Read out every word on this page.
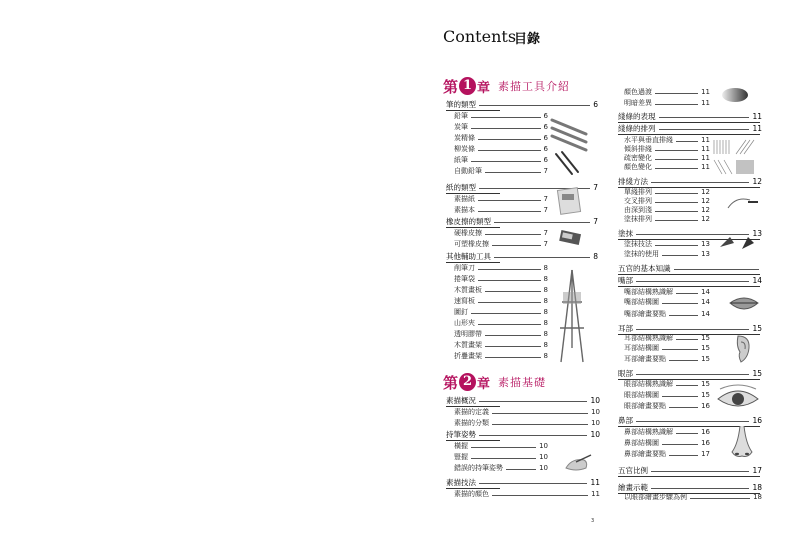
Contents
目錄
第 1 章 素描工具介紹
第 2 章 素描基礎
筆的類型	6
鉛筆	6
炭筆	6
炭精條	6
柳炭條	6
紙筆	6
自動鉛筆	7
紙的類型	7
素描紙	7
素描本	7
橡皮擦的類型	7
硬橡皮擦	7
可塑橡皮擦	7
其他輔助工具	8
削筆刀	8
捲筆袋	8
木質畫板	8
速寫板	8
圖釘	8
山形夾	8
透明膠帶	8
木質畫架	8
折疊畫架	8
素描概況	10
素描的定義	10
素描的分類	10
持筆姿勢	10
橫握	10
豎握	10
錯誤的持筆姿勢	10
素描技法	11
素描的顏色	11
顏色過渡	11
明暗差異	11
綫條的表現	11
綫條的排列	11
水平與垂直排綫	11
傾斜排綫	11
疏密變化	11
顏色變化	11
排綫方法	12
單綫排列	12
交叉排列	12
由深到淺	12
塗抹排列	12
塗抹	13
塗抹技法	13
塗抹的使用	13
五官的基本知識
嘴部	14
嘴部結構熟識解	14
嘴部結構圖	14
嘴部繪畫要點	14
耳部	15
耳部結構熟識解	15
耳部結構圖	15
耳部繪畫要點	15
眼部	15
眼部結構熟識解	15
眼部結構圖	15
眼部繪畫要點	16
鼻部	16
鼻部結構熟識解	16
鼻部結構圖	16
鼻部繪畫要點	17
五官比例	17
繪畫示範	18
以眼部繪畫步驟為例	18
3
